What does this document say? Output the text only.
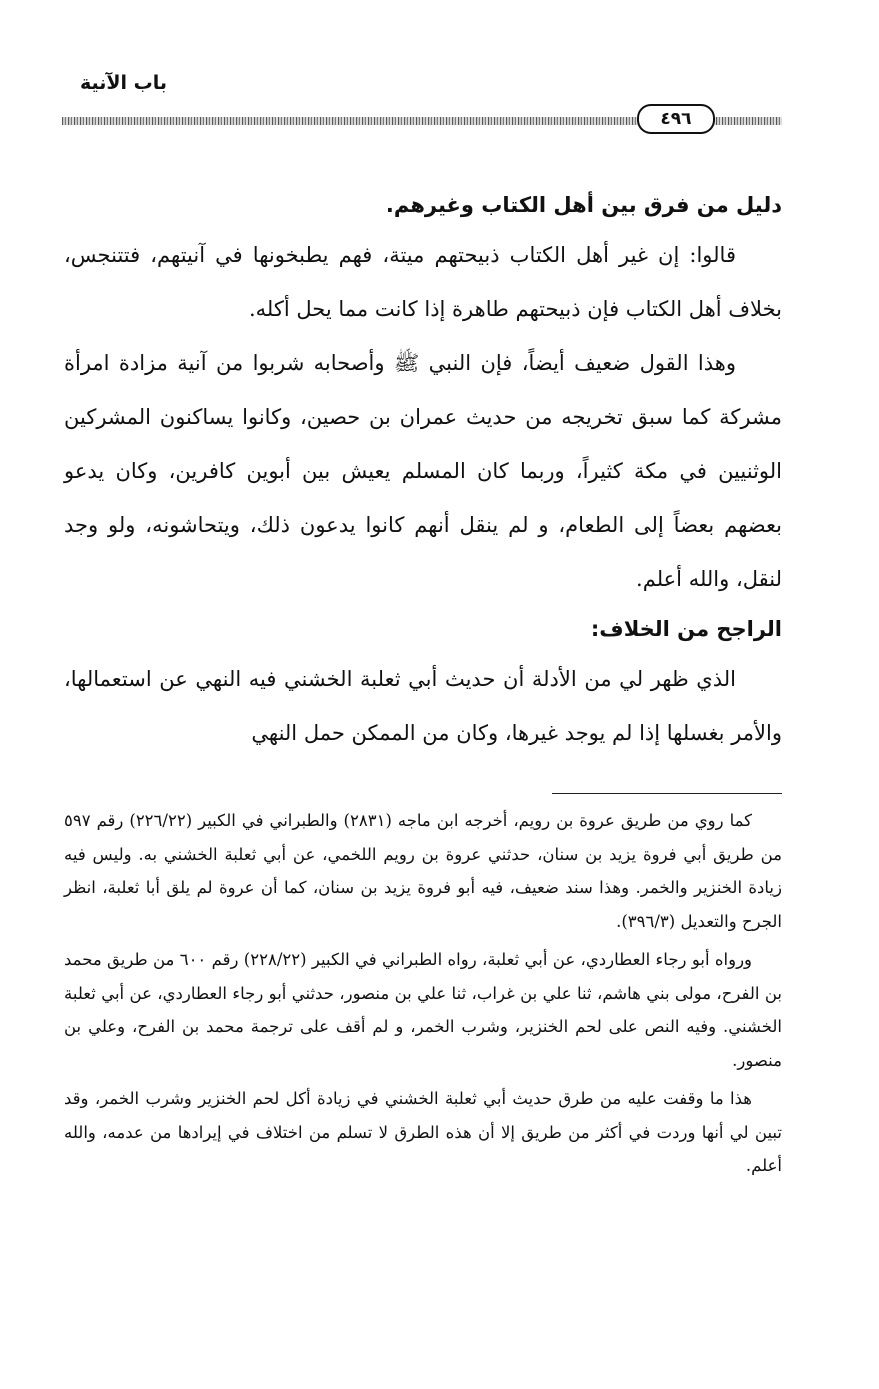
باب الآنية
٤٩٦
دليل من فرق بين أهل الكتاب وغيرهم.

قالوا: إن غير أهل الكتاب ذبيحتهم ميتة، فهم يطبخونها في آنيتهم، فتتنجس، بخلاف أهل الكتاب فإن ذبيحتهم طاهرة إذا كانت مما يحل أكله.

وهذا القول ضعيف أيضاً، فإن النبي ﷺ وأصحابه شربوا من آنية مزادة امرأة مشركة كما سبق تخريجه من حديث عمران بن حصين، وكانوا يساكنون المشركين الوثنيين في مكة كثيراً، وربما كان المسلم يعيش بين أبوين كافرين، وكان يدعو بعضهم بعضاً إلى الطعام، و لم ينقل أنهم كانوا يدعون ذلك، ويتحاشونه، ولو وجد لنقل، والله أعلم.

الراجح من الخلاف:

الذي ظهر لي من الأدلة أن حديث أبي ثعلبة الخشني فيه النهي عن استعمالها، والأمر بغسلها إذا لم يوجد غيرها، وكان من الممكن حمل النهي

كما روي من طريق عروة بن رويم، أخرجه ابن ماجه (٢٨٣١) والطبراني في الكبير (٢٢٦/٢٢) رقم ٥٩٧ من طريق أبي فروة يزيد بن سنان، حدثني عروة بن رويم اللخمي، عن أبي ثعلبة الخشني به. وليس فيه زيادة الخنزير والخمر. وهذا سند ضعيف، فيه أبو فروة يزيد بن سنان، كما أن عروة لم يلق أبا ثعلبة، انظر الجرح والتعديل (٣٩٦/٣).

ورواه أبو رجاء العطاردي، عن أبي ثعلبة، رواه الطبراني في الكبير (٢٢٨/٢٢) رقم ٦٠٠ من طريق محمد بن الفرح، مولى بني هاشم، ثنا علي بن غراب، ثنا علي بن منصور، حدثني أبو رجاء العطاردي، عن أبي ثعلبة الخشني. وفيه النص على لحم الخنزير، وشرب الخمر، و لم أقف على ترجمة محمد بن الفرح، وعلي بن منصور.

هذا ما وقفت عليه من طرق حديث أبي ثعلبة الخشني في زيادة أكل لحم الخنزير وشرب الخمر، وقد تبين لي أنها وردت في أكثر من طريق إلا أن هذه الطرق لا تسلم من اختلاف في إيرادها من عدمه، والله أعلم.
